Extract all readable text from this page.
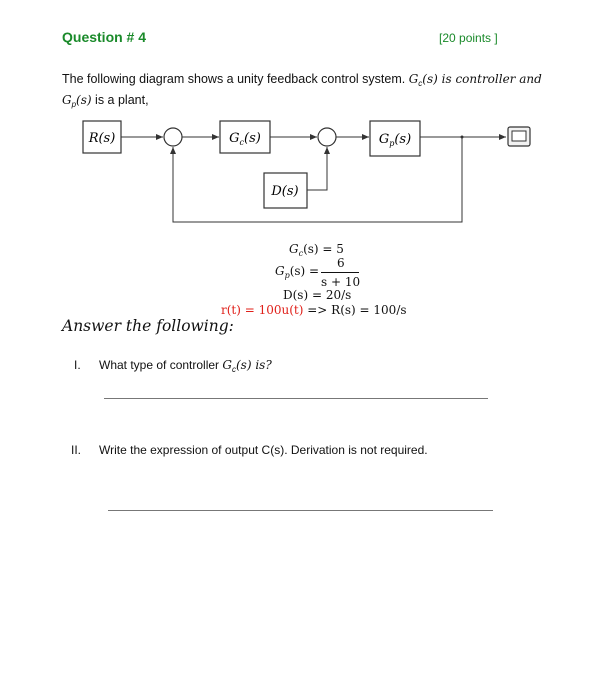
Question # 4	[20 points ]
The following diagram shows a unity feedback control system. $G_c(s)$ is controller and $G_p(s)$ is a plant,
R(s)	$G_c(s)$	$G_p(s)$
D(s)
$G_c(s) = 5$
$G_p(s)$ =
6
s + 10
D(s) = 20/s
r(t) = 100u(t) => R(s) = 100/s
Answer the following:
I. What type of controller $G_c(s)$ is?
II. Write the expression of output C(s). Derivation is not required.
